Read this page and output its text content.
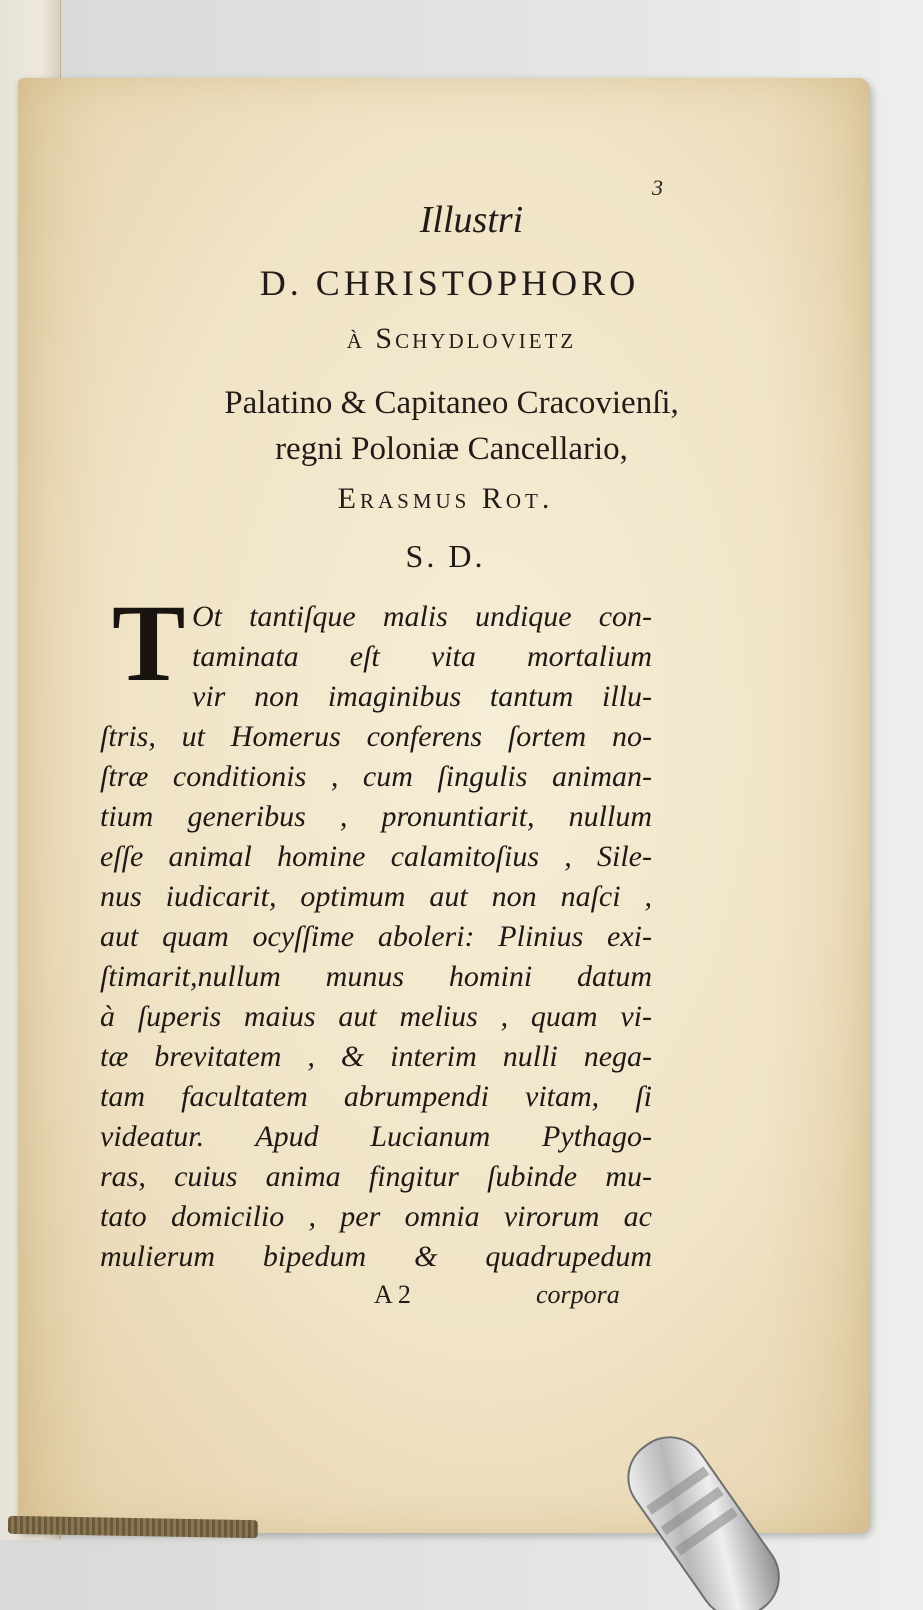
3
Illustri
D. CHRISTOPHORO
à Schydlovietz
Palatino & Capitaneo Cracovienſi,
regni Poloniæ Cancellario,
Erasmus Rot.
S. D.
T Ot tantiſque malis undique con-
taminata eſt vita mortalium
vir non imaginibus tantum illu-
ſtris, ut Homerus conferens ſortem no-
ſtræ conditionis , cum ſingulis animan-
tium generibus , pronuntiarit, nullum
eſſe animal homine calamitoſius , Sile-
nus iudicarit, optimum aut non naſci ,
aut quam ocyſſime aboleri: Plinius exi-
ſtimarit,nullum munus homini datum
à ſuperis maius aut melius , quam vi-
tæ brevitatem , & interim nulli nega-
tam facultatem abrumpendi vitam, ſi
videatur. Apud Lucianum Pythago-
ras, cuius anima fingitur ſubinde mu-
tato domicilio , per omnia virorum ac
mulierum bipedum & quadrupedum
A 2	corpora
